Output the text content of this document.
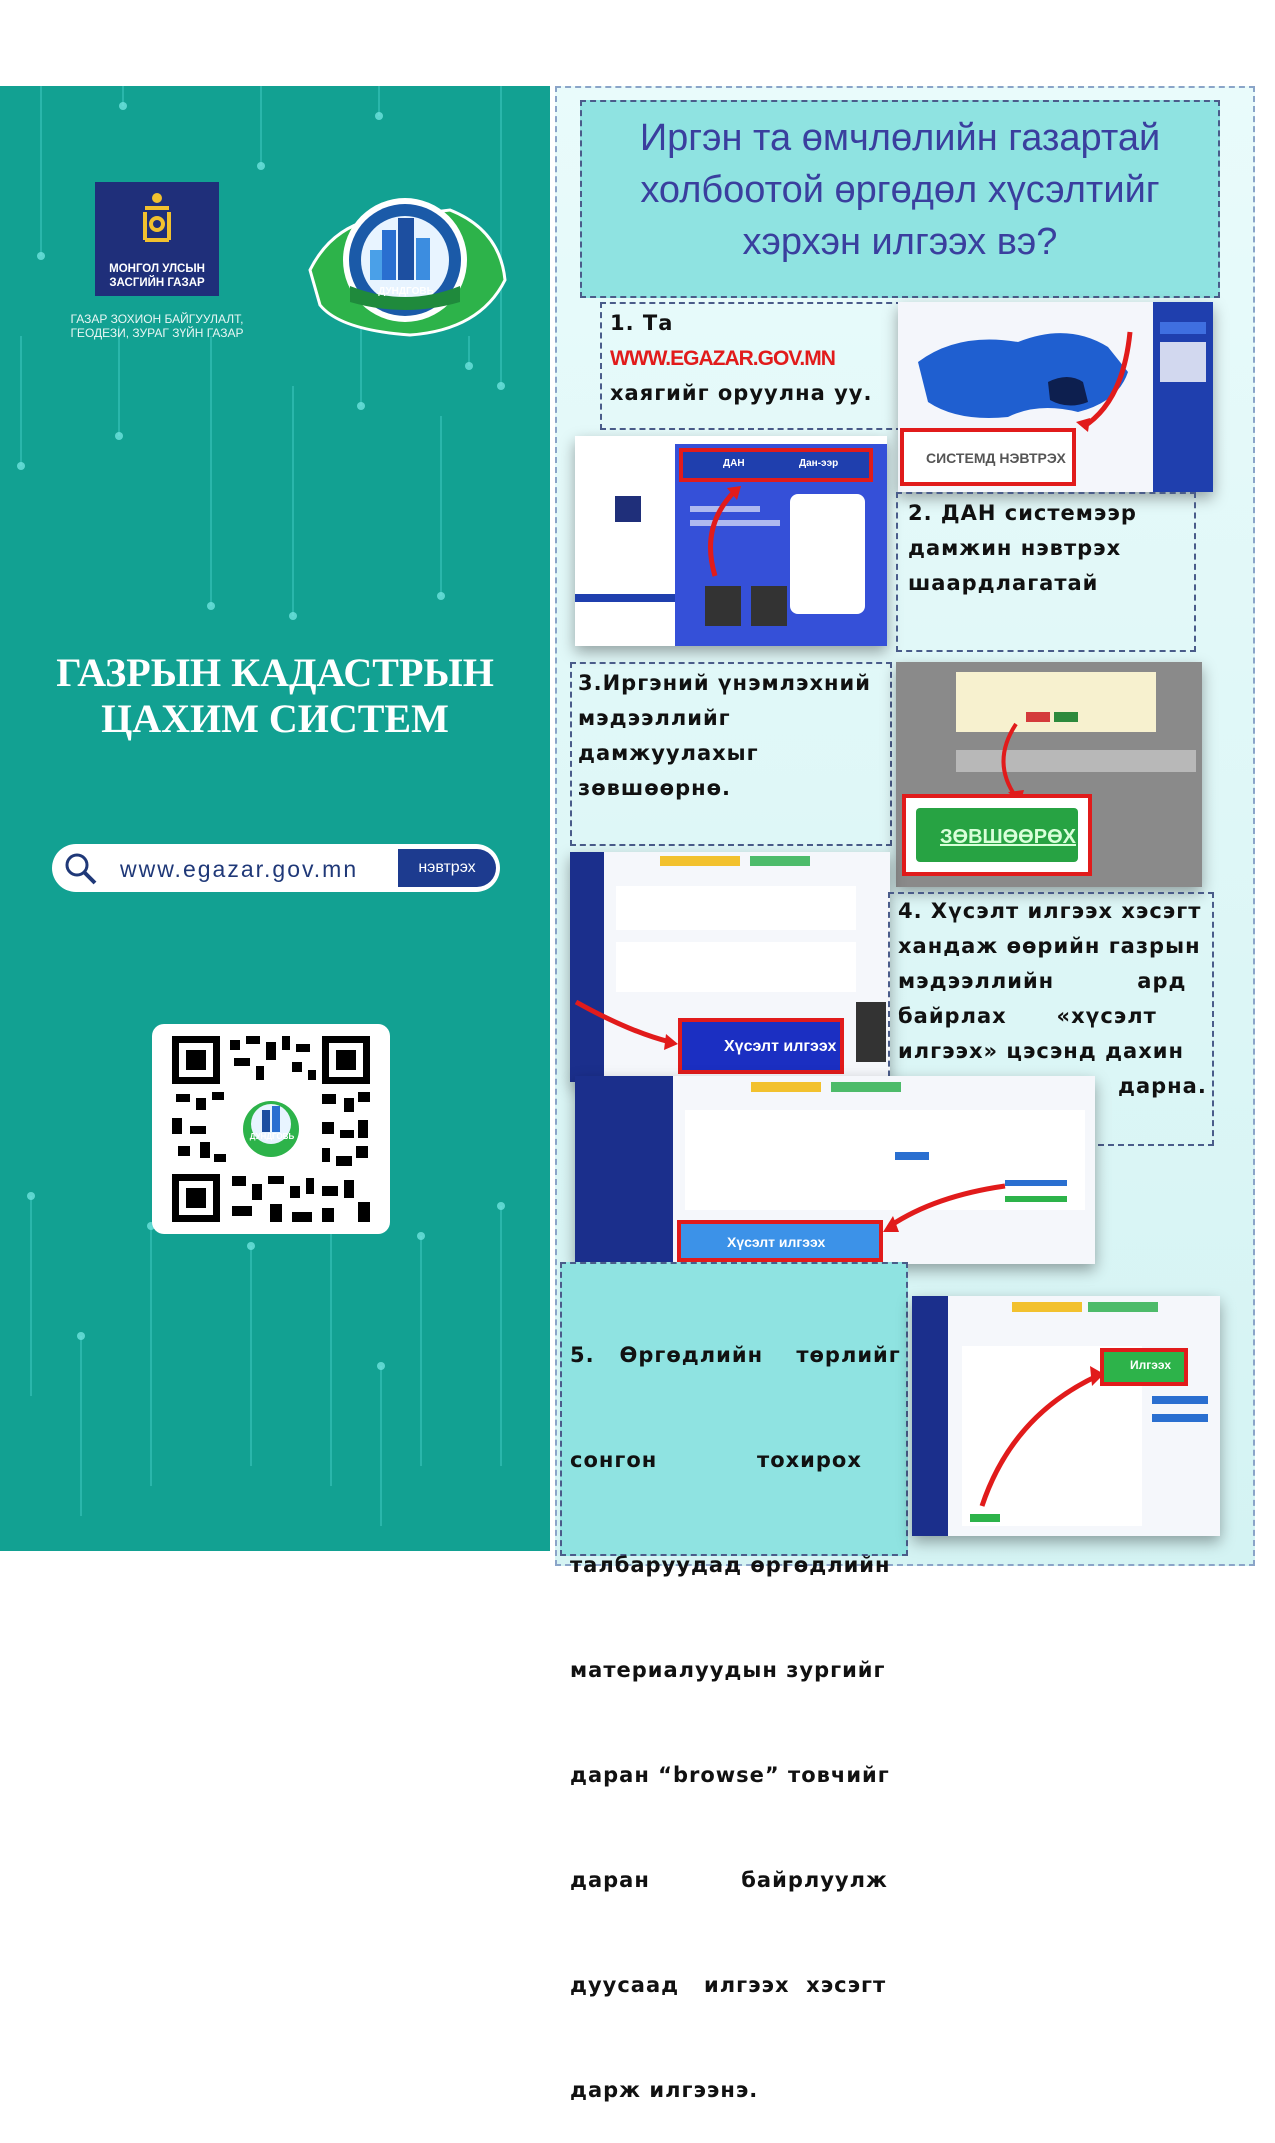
МОНГОЛ УЛСЫН
ЗАСГИЙН ГАЗАР
ГАЗАР ЗОХИОН БАЙГУУЛАЛТ,
ГЕОДЕЗИ, ЗУРАГ ЗҮЙН ГАЗАР
ДУНДГОВЬ
ГАЗРЫН КАДАСТРЫН
ЦАХИМ СИСТЕМ
www.egazar.gov.mn	нэвтрэх
ДУНДГОВЬ
Иргэн та өмчлөлийн газартай
холбоотой өргөдөл хүсэлтийг
хэрхэн илгээх вэ?
1. Та
WWW.EGAZAR.GOV.MN
хаягийг оруулна уу.
СИСТЕМД НЭВТРЭХ
ДАН	Дан-ээр
2. ДАН системээр
дамжин нэвтрэх
шаардлагатай
3.Иргэний үнэмлэхний
мэдээллийг
дамжуулахыг
зөвшөөрнө.
ЗӨВШӨӨРӨХ
Хүсэлт илгээх
4. Хүсэлт илгээх хэсэгт
хандаж өөрийн газрын
мэдээллийн          ард
байрлах      «хүсэлт
илгээх» цэсэнд дахин
дарна.
Хүсэлт илгээх

5.   Өргөдлийн    төрлийг

сонгон            тохирох

талбаруудад өргөдлийн

материалуудын зургийг

даран “browse” товчийг

даран           байрлуулж

дуусаад   илгээх  хэсэгт

дарж илгээнэ.

Илгээх
